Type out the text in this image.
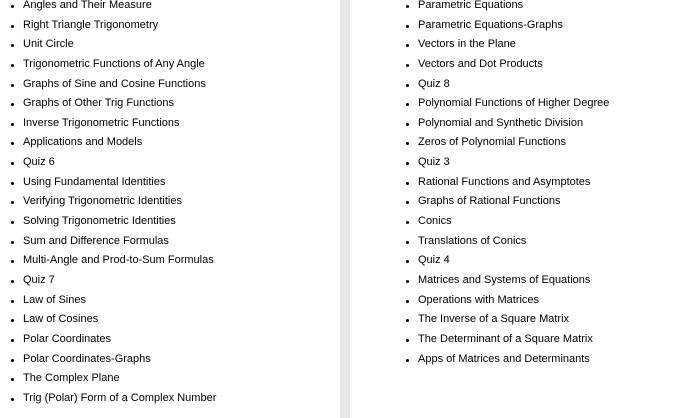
Angles and Their Measure
Right Triangle Trigonometry
Unit Circle
Trigonometric Functions of Any Angle
Graphs of Sine and Cosine Functions
Graphs of Other Trig Functions
Inverse Trigonometric Functions
Applications and Models
Quiz 6
Using Fundamental Identities
Verifying Trigonometric Identities
Solving Trigonometric Identities
Sum and Difference Formulas
Multi-Angle and Prod-to-Sum Formulas
Quiz 7
Law of Sines
Law of Cosines
Polar Coordinates
Polar Coordinates-Graphs
The Complex Plane
Trig (Polar) Form of a Complex Number
Parametric Equations
Parametric Equations-Graphs
Vectors in the Plane
Vectors and Dot Products
Quiz 8
Polynomial Functions of Higher Degree
Polynomial and Synthetic Division
Zeros of Polynomial Functions
Quiz 3
Rational Functions and Asymptotes
Graphs of Rational Functions
Conics
Translations of Conics
Quiz 4
Matrices and Systems of Equations
Operations with Matrices
The Inverse of a Square Matrix
The Determinant of a Square Matrix
Apps of Matrices and Determinants
